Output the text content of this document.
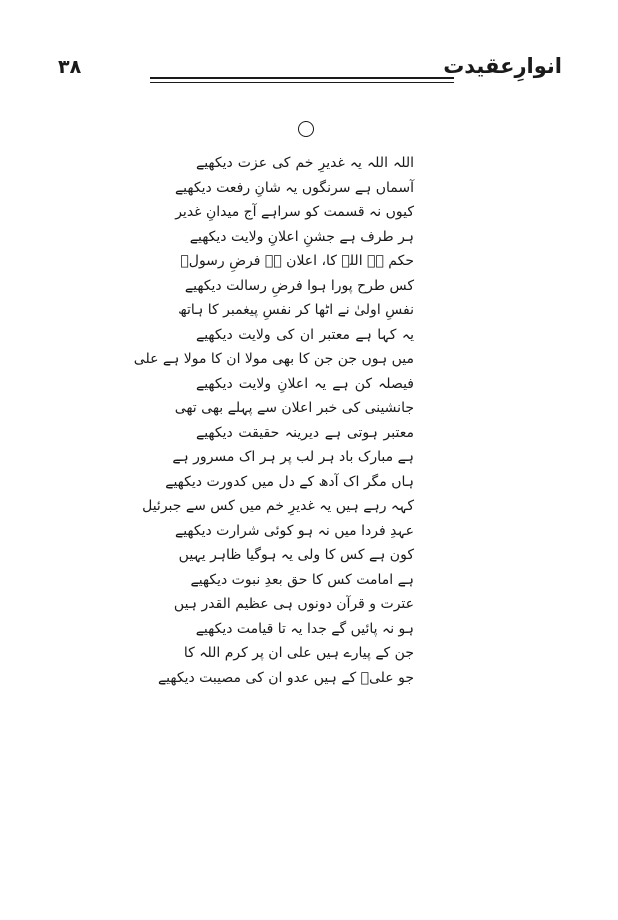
۳۸	انوارِعقیدت
اللہ اللہ یہ غدیرِ خم کی عزت دیکھیے
آسماں ہے سرنگوں یہ شانِ رفعت دیکھیے
کیوں نہ قسمت کو سراہے آج میدانِ غدیر
ہر طرف ہے جشنِ اعلانِ ولایت دیکھیے
حکم ہے اللہ کا، اعلان ہے فرضِ رسولؐ
کس طرح پورا ہوا فرضِ رسالت دیکھیے
نفسِ اولیٰ نے اٹھا کر نفسِ پیغمبر کا ہاتھ
یہ کہا ہے معتبر ان کی ولایت دیکھیے
میں ہوں جن جن کا بھی مولا ان کا مولا ہے علی
فیصلہ کن ہے یہ اعلانِ ولایت دیکھیے
جانشینی کی خبر اعلان سے پہلے بھی تھی
معتبر ہوتی ہے دیرینہ حقیقت دیکھیے
ہے مبارک باد ہر لب پر ہر اک مسرور ہے
ہاں مگر اک آدھ کے دل میں کدورت دیکھیے
کہہ رہے ہیں یہ غدیرِ خم میں کس سے جبرئیل
عہدِ فردا میں نہ ہو کوئی شرارت دیکھیے
کون ہے کس کا ولی یہ ہوگیا ظاہر یہیں
ہے امامت کس کا حق بعدِ نبوت دیکھیے
عترت و قرآن دونوں ہی عظیم القدر ہیں
ہو نہ پائیں گے جدا یہ تا قیامت دیکھیے
جن کے پیارے ہیں علی ان پر کرم اللہ کا
جو علیؑ کے ہیں عدو ان کی مصیبت دیکھیے
